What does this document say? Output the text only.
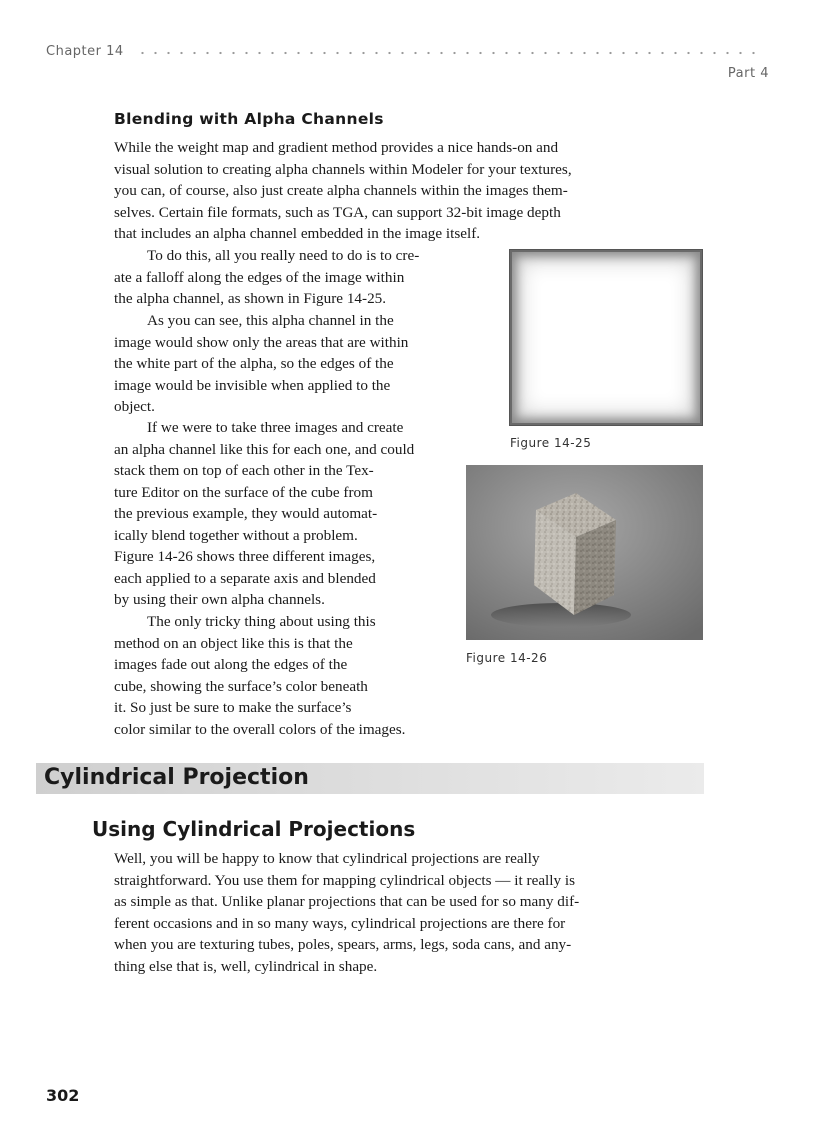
Chapter 14
Part 4
Blending with Alpha Channels
While the weight map and gradient method provides a nice hands-on and
visual solution to creating alpha channels within Modeler for your textures,
you can, of course, also just create alpha channels within the images them-
selves. Certain file formats, such as TGA, can support 32-bit image depth
that includes an alpha channel embedded in the image itself.
To do this, all you really need to do is to cre-
ate a falloff along the edges of the image within
the alpha channel, as shown in Figure 14-25.
As you can see, this alpha channel in the
image would show only the areas that are within
the white part of the alpha, so the edges of the
image would be invisible when applied to the
object.
If we were to take three images and create
an alpha channel like this for each one, and could
stack them on top of each other in the Tex-
ture Editor on the surface of the cube from
the previous example, they would automat-
ically blend together without a problem.
Figure 14-26 shows three different images,
each applied to a separate axis and blended
by using their own alpha channels.
The only tricky thing about using this
method on an object like this is that the
images fade out along the edges of the
cube, showing the surface’s color beneath
it. So just be sure to make the surface’s
color similar to the overall colors of the images.
Figure 14-25
Figure 14-26
Cylindrical Projection
Using Cylindrical Projections
Well, you will be happy to know that cylindrical projections are really
straightforward. You use them for mapping cylindrical objects — it really is
as simple as that. Unlike planar projections that can be used for so many dif-
ferent occasions and in so many ways, cylindrical projections are there for
when you are texturing tubes, poles, spears, arms, legs, soda cans, and any-
thing else that is, well, cylindrical in shape.
302
